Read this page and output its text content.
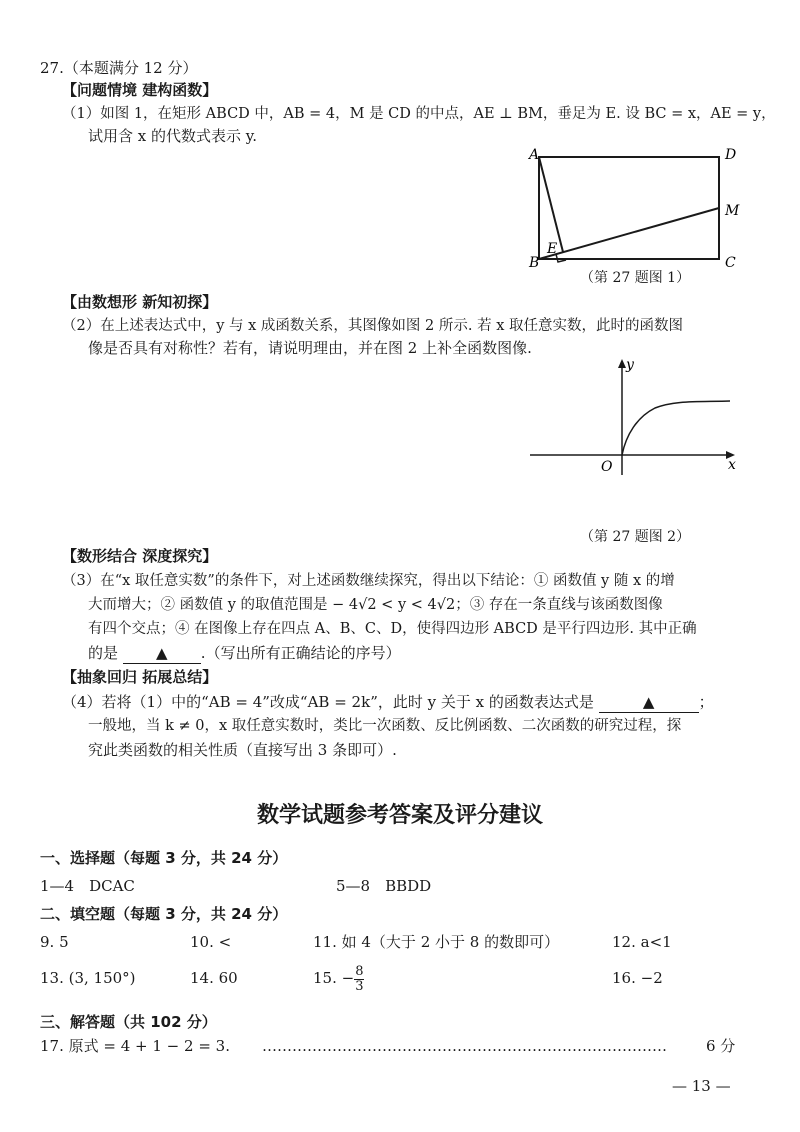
27.（本题满分 12 分）
【问题情境 建构函数】
（1）如图 1，在矩形 ABCD 中，AB = 4，M 是 CD 的中点，AE ⊥ BM，垂足为 E. 设 BC = x，AE = y，
试用含 x 的代数式表示 y.
A	D
B	C
E
M
（第 27 题图 1）
【由数想形 新知初探】
（2）在上述表达式中，y 与 x 成函数关系，其图像如图 2 所示. 若 x 取任意实数，此时的函数图
像是否具有对称性？若有，请说明理由，并在图 2 上补全函数图像.
y
x
O
（第 27 题图 2）
【数形结合 深度探究】
（3）在“x 取任意实数”的条件下，对上述函数继续探究，得出以下结论：① 函数值 y 随 x 的增
大而增大；② 函数值 y 的取值范围是 − 4√2 < y < 4√2；③ 存在一条直线与该函数图像
有四个交点；④ 在图像上存在四点 A、B、C、D，使得四边形 ABCD 是平行四边形. 其中正确
的是	▲ .（写出所有正确结论的序号）
【抽象回归 拓展总结】
（4）若将（1）中的“AB = 4”改成“AB = 2k”，此时 y 关于 x 的函数表达式是	▲	；
一般地，当 k ≠ 0，x 取任意实数时，类比一次函数、反比例函数、二次函数的研究过程，探
究此类函数的相关性质（直接写出 3 条即可）.
数学试题参考答案及评分建议
一、选择题（每题 3 分，共 24 分）
1—4　DCAC	5—8　BBDD
二、填空题（每题 3 分，共 24 分）
9. 5	10. <	11. 如 4（大于 2 小于 8 的数即可）	12. a<1
13. (3, 150°)	14. 60	15. − $\frac{8}{3}$	16. −2
三、解答题（共 102 分）
17. 原式 = 4 + 1 − 2 = 3. ………………………………………………………………………	6 分
— 13 —
